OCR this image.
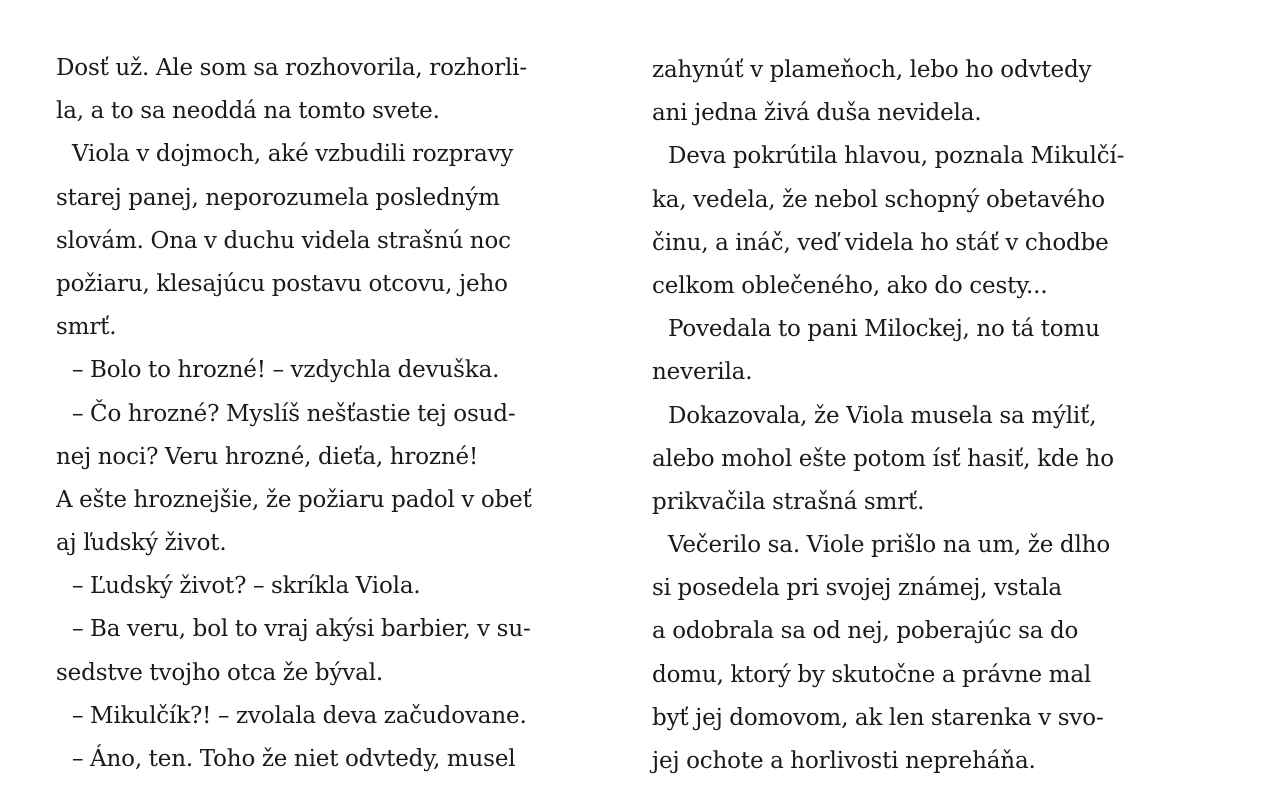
Dosť už. Ale som sa rozhovorila, rozhorli-
la, a to sa neoddá na tomto svete.
Viola v dojmoch, aké vzbudili rozpravy
starej panej, neporozumela posledným
slovám. Ona v duchu videla strašnú noc
požiaru, klesajúcu postavu otcovu, jeho
smrť.
– Bolo to hrozné! – vzdychla devuška.
– Čo hrozné? Myslíš nešťastie tej osud-
nej noci? Veru hrozné, dieťa, hrozné!
A ešte hroznejšie, že požiaru padol v obeť
aj ľudský život.
– Ľudský život? – skríkla Viola.
– Ba veru, bol to vraj akýsi barbier, v su-
sedstve tvojho otca že býval.
– Mikulčík?! – zvolala deva začudovane.
– Áno, ten. Toho že niet odvtedy, musel
zahynúť v plameňoch, lebo ho odvtedy
ani jedna živá duša nevidela.
Deva pokrútila hlavou, poznala Mikulčí-
ka, vedela, že nebol schopný obetavého
činu, a ináč, veď videla ho stáť v chodbe
celkom oblečeného, ako do cesty...
Povedala to pani Milockej, no tá tomu
neverila.
Dokazovala, že Viola musela sa mýliť,
alebo mohol ešte potom ísť hasiť, kde ho
prikvačila strašná smrť.
Večerilo sa. Viole prišlo na um, že dlho
si posedela pri svojej známej, vstala
a odobrala sa od nej, poberajúc sa do
domu, ktorý by skutočne a právne mal
byť jej domovom, ak len starenka v svo-
jej ochote a horlivosti nepreháňa.
